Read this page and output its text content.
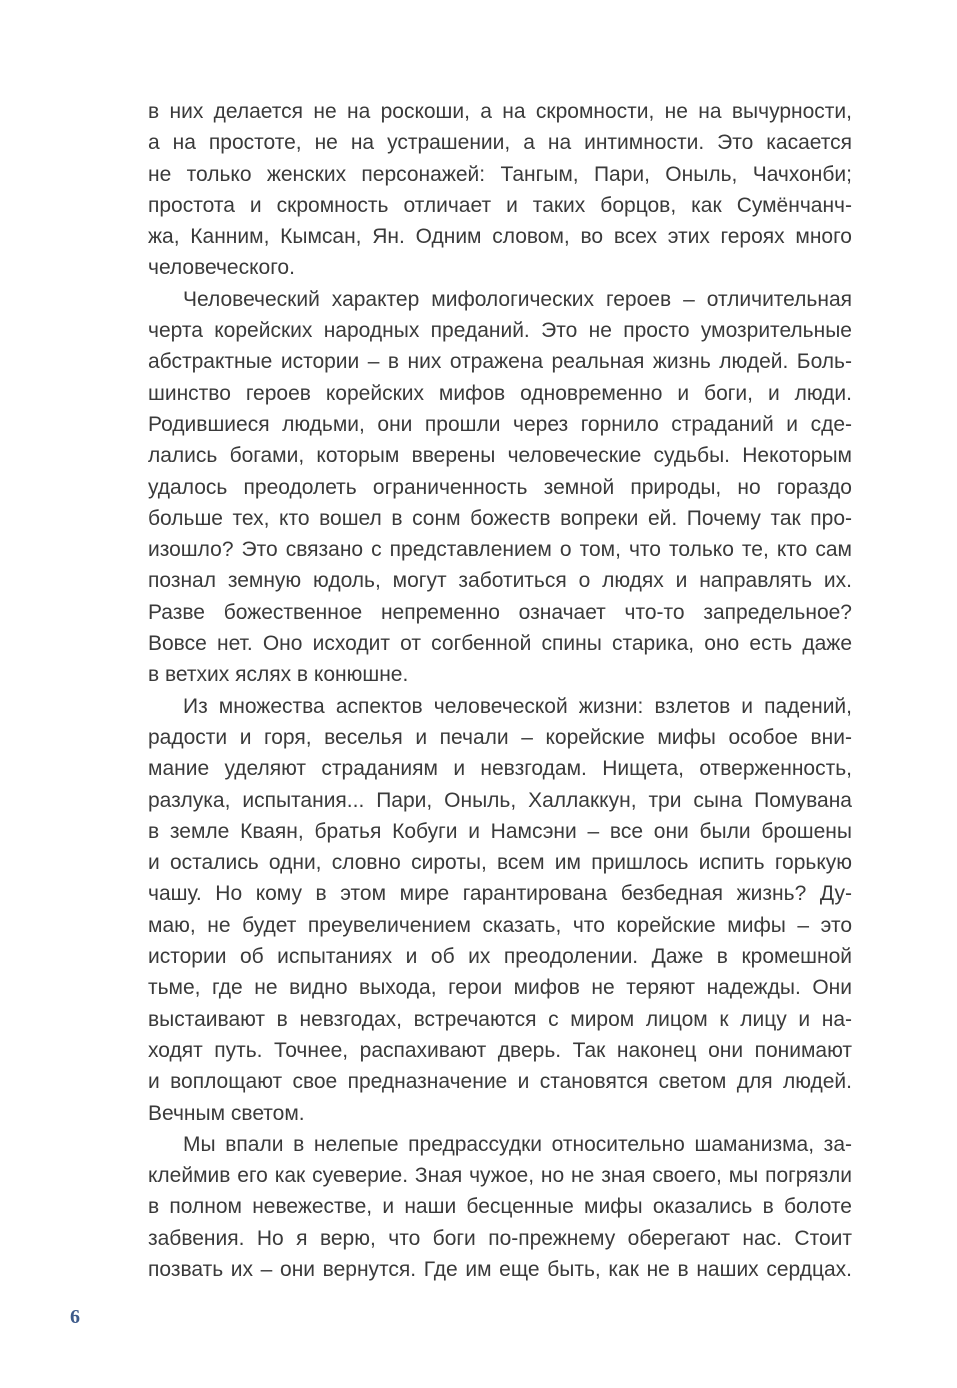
в них делается не на роскоши, а на скромности, не на вычурности,
а на простоте, не на устрашении, а на интимности. Это касается
не только женских персонажей: Тангым, Пари, Оныль, Чачхонби;
простота и скромность отличает и таких борцов, как Сумёнчанч-
жа, Канним, Кымсан, Ян. Одним словом, во всех этих героях много
человеческого.
Человеческий характер мифологических героев – отличительная
черта корейских народных преданий. Это не просто умозрительные
абстрактные истории – в них отражена реальная жизнь людей. Боль-
шинство героев корейских мифов одновременно и боги, и люди.
Родившиеся людьми, они прошли через горнило страданий и сде-
лались богами, которым вверены человеческие судьбы. Некоторым
удалось преодолеть ограниченность земной природы, но гораздо
больше тех, кто вошел в сонм божеств вопреки ей. Почему так про-
изошло? Это связано с представлением о том, что только те, кто сам
познал земную юдоль, могут заботиться о людях и направлять их.
Разве божественное непременно означает что-то запредельное?
Вовсе нет. Оно исходит от согбенной спины старика, оно есть даже
в ветхих яслях в конюшне.
Из множества аспектов человеческой жизни: взлетов и падений,
радости и горя, веселья и печали – корейские мифы особое вни-
мание уделяют страданиям и невзгодам. Нищета, отверженность,
разлука, испытания... Пари, Оныль, Халлаккун, три сына Помувана
в земле Кваян, братья Кобуги и Намсэни – все они были брошены
и остались одни, словно сироты, всем им пришлось испить горькую
чашу. Но кому в этом мире гарантирована безбедная жизнь? Ду-
маю, не будет преувеличением сказать, что корейские мифы – это
истории об испытаниях и об их преодолении. Даже в кромешной
тьме, где не видно выхода, герои мифов не теряют надежды. Они
выстаивают в невзгодах, встречаются с миром лицом к лицу и на-
ходят путь. Точнее, распахивают дверь. Так наконец они понимают
и воплощают свое предназначение и становятся светом для людей.
Вечным светом.
Мы впали в нелепые предрассудки относительно шаманизма, за-
клеймив его как суеверие. Зная чужое, но не зная своего, мы погрязли
в полном невежестве, и наши бесценные мифы оказались в болоте
забвения. Но я верю, что боги по-прежнему оберегают нас. Стоит
позвать их – они вернутся. Где им еще быть, как не в наших сердцах.
6
